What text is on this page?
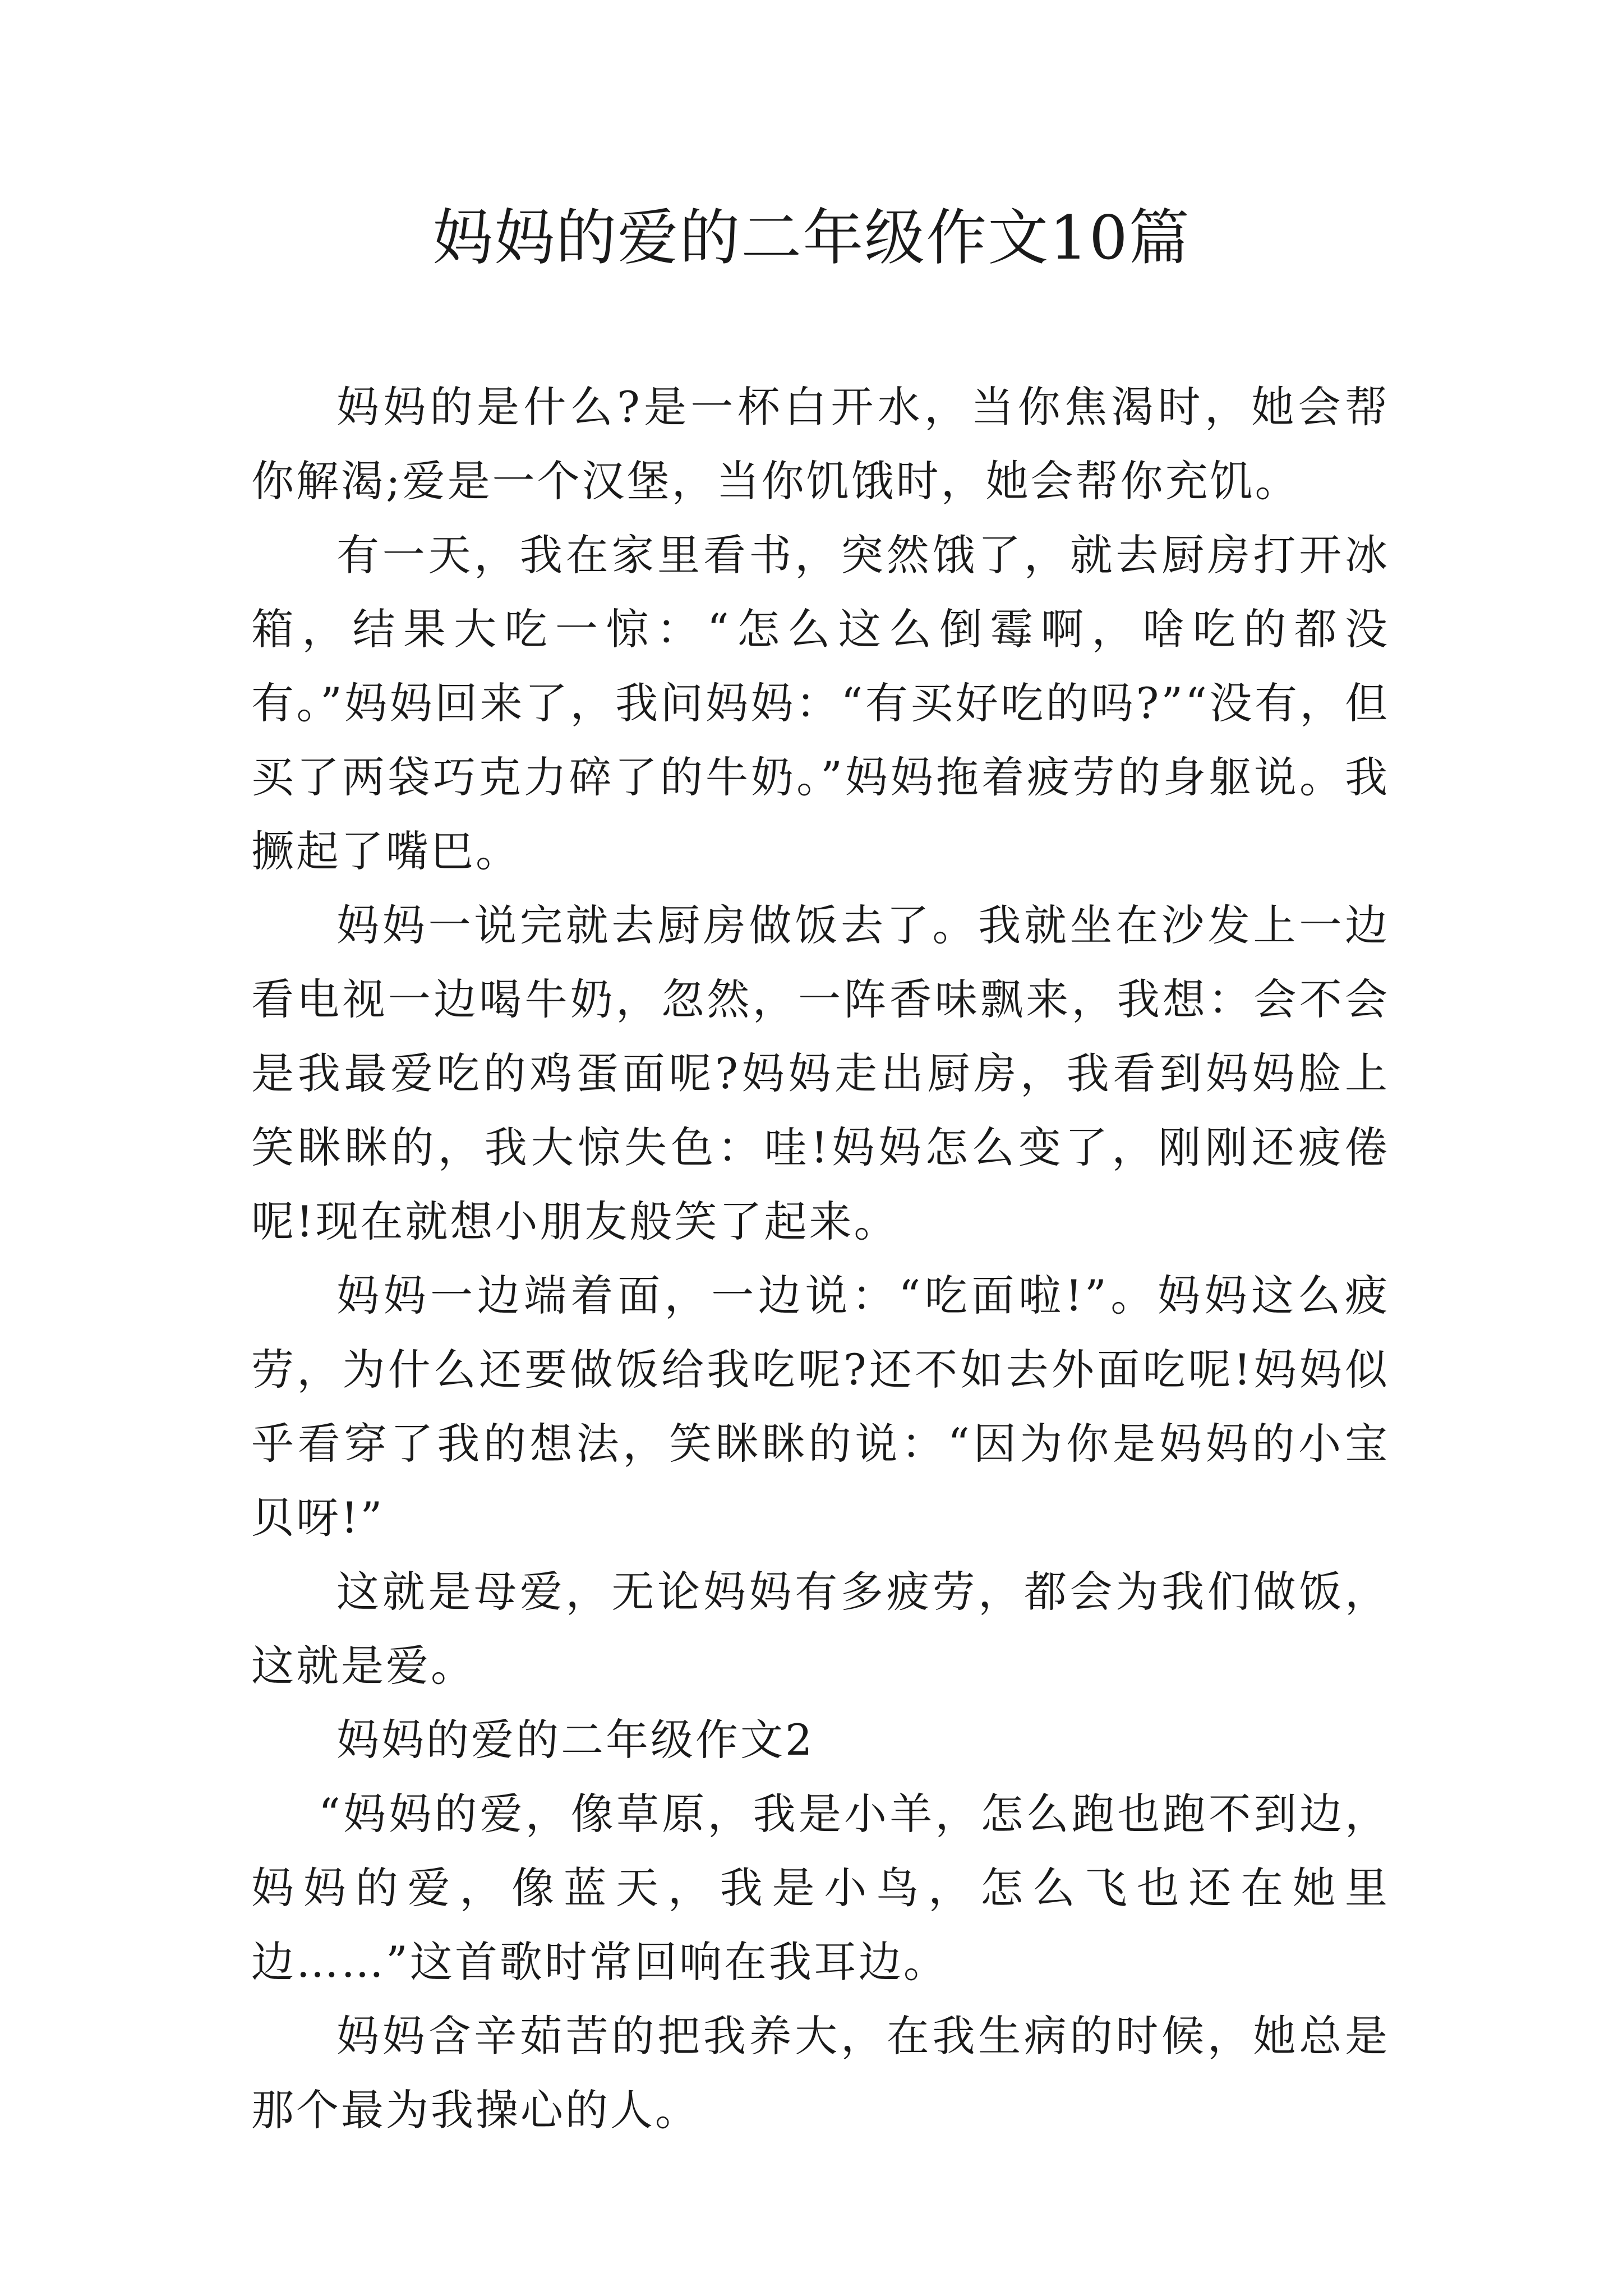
妈妈的爱的二年级作文10篇

妈妈的是什么?是一杯白开水，当你焦渴时，她会帮你解渴;爱是一个汉堡，当你饥饿时，她会帮你充饥。

有一天，我在家里看书，突然饿了，就去厨房打开冰箱，结果大吃一惊：“怎么这么倒霉啊，啥吃的都没有。”妈妈回来了，我问妈妈：“有买好吃的吗?”“没有，但买了两袋巧克力碎了的牛奶。”妈妈拖着疲劳的身躯说。我撅起了嘴巴。

妈妈一说完就去厨房做饭去了。我就坐在沙发上一边看电视一边喝牛奶，忽然，一阵香味飘来，我想：会不会是我最爱吃的鸡蛋面呢?妈妈走出厨房，我看到妈妈脸上笑眯眯的，我大惊失色：哇!妈妈怎么变了，刚刚还疲倦呢!现在就想小朋友般笑了起来。

妈妈一边端着面，一边说：“吃面啦!”。妈妈这么疲劳，为什么还要做饭给我吃呢?还不如去外面吃呢!妈妈似乎看穿了我的想法，笑眯眯的说：“因为你是妈妈的小宝贝呀!”

这就是母爱，无论妈妈有多疲劳，都会为我们做饭，这就是爱。

妈妈的爱的二年级作文2

“妈妈的爱，像草原，我是小羊，怎么跑也跑不到边，妈妈的爱，像蓝天，我是小鸟，怎么飞也还在她里边……”这首歌时常回响在我耳边。

妈妈含辛茹苦的把我养大，在我生病的时候，她总是那个最为我操心的人。
